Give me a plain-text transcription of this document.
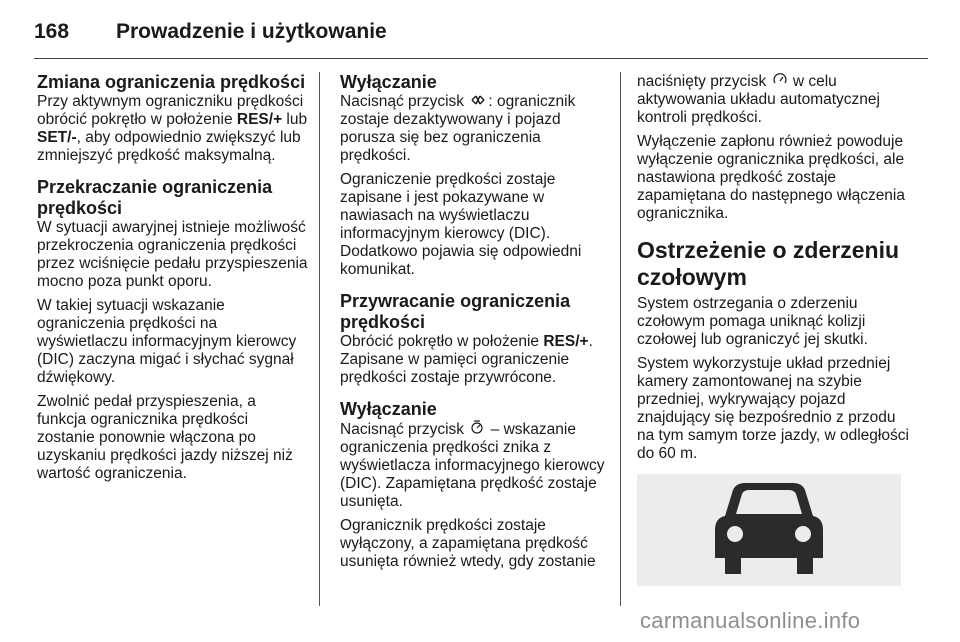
168	Prowadzenie i użytkowanie
Zmiana ograniczenia prędkości

Przy aktywnym ograniczniku prędkości obrócić pokrętło w położenie RES/+ lub SET/-, aby odpowiednio zwiększyć lub zmniejszyć prędkość maksymalną.

Przekraczanie ograniczenia prędkości

W sytuacji awaryjnej istnieje możliwość przekroczenia ograniczenia prędkości przez wciśnięcie pedału przyspieszenia mocno poza punkt oporu.

W takiej sytuacji wskazanie ograniczenia prędkości na wyświetlaczu informacyjnym kierowcy (DIC) zaczyna migać i słychać sygnał dźwiękowy.

Zwolnić pedał przyspieszenia, a funkcja ogranicznika prędkości zostanie ponownie włączona po uzyskaniu prędkości jazdy niższej niż wartość ograniczenia.

Wyłączanie

Nacisnąć przycisk : ogranicznik zostaje dezaktywowany i pojazd porusza się bez ograniczenia prędkości.

Ograniczenie prędkości zostaje zapisane i jest pokazywane w nawiasach na wyświetlaczu informacyjnym kierowcy (DIC). Dodatkowo pojawia się odpowiedni komunikat.

Przywracanie ograniczenia prędkości

Obrócić pokrętło w położenie RES/+. Zapisane w pamięci ograniczenie prędkości zostaje przywrócone.

Wyłączanie

Nacisnąć przycisk  – wskazanie ograniczenia prędkości znika z wyświetlacza informacyjnego kierowcy (DIC). Zapamiętana prędkość zostaje usunięta.

Ogranicznik prędkości zostaje wyłączony, a zapamiętana prędkość usunięta również wtedy, gdy zostanie

naciśnięty przycisk  w celu aktywowania układu automatycznej kontroli prędkości.

Wyłączenie zapłonu również powoduje wyłączenie ogranicznika prędkości, ale nastawiona prędkość zostaje zapamiętana do następnego włączenia ogranicznika.

Ostrzeżenie o zderzeniu czołowym

System ostrzegania o zderzeniu czołowym pomaga uniknąć kolizji czołowej lub ograniczyć jej skutki.

System wykorzystuje układ przedniej kamery zamontowanej na szybie przedniej, wykrywający pojazd znajdujący się bezpośrednio z przodu na tym samym torze jazdy, w odległości do 60 m.

carmanualsonline.info
